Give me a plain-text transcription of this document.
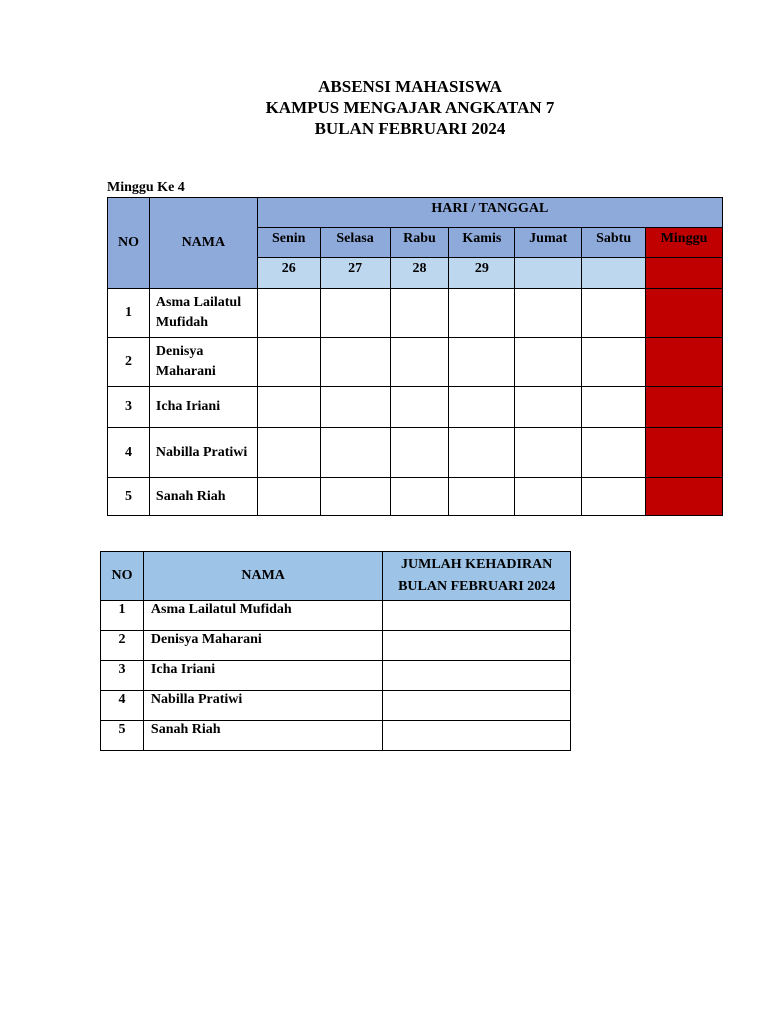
ABSENSI MAHASISWA
KAMPUS MENGAJAR ANGKATAN 7
BULAN FEBRUARI 2024
Minggu Ke 4
NO	NAMA	HARI / TANGGAL						
		Senin	Selasa	Rabu	Kamis	Jumat	Sabtu	Minggu
		26	27	28	29			
1	Asma Lailatul Mufidah							
2	Denisya Maharani							
3	Icha Iriani							
4	Nabilla Pratiwi							
5	Sanah Riah							
NO	NAMA	JUMLAH KEHADIRAN
BULAN FEBRUARI 2024

1	Asma Lailatul Mufidah	
2	Denisya Maharani	
3	Icha Iriani	
4	Nabilla Pratiwi	
5	Sanah Riah	
